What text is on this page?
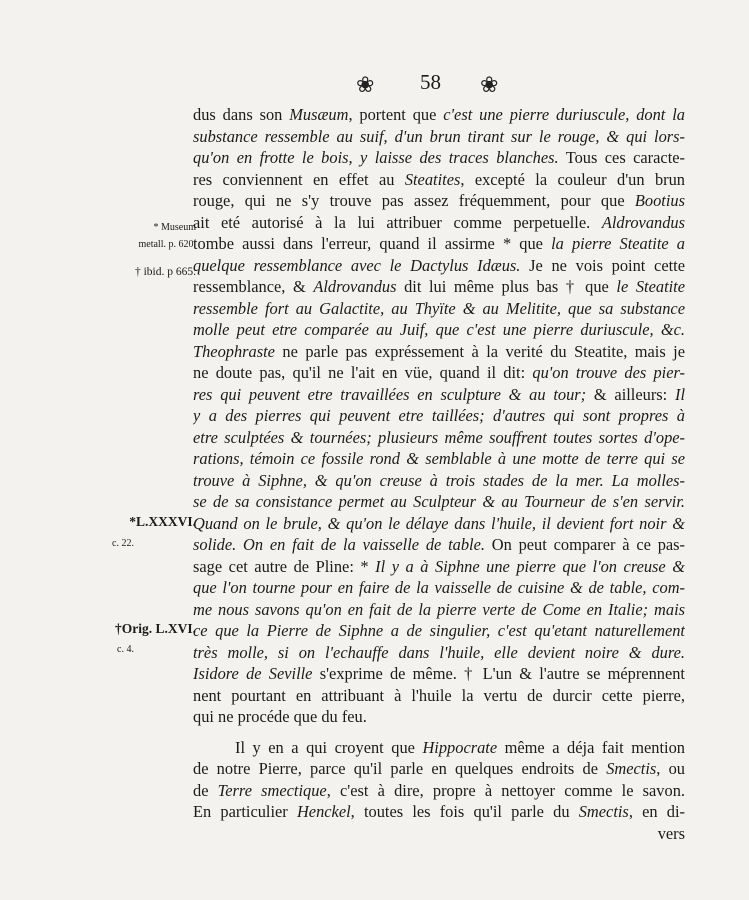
❀ 58 ❀
* Museum
metall. p. 620.
† ibid. p 665.
*L.XXXVI.
c. 22.
†Orig. L.XVI.
c. 4.
dus dans son Musæum, portent que c'est une pierre duriuscule, dont la
substance ressemble au suif, d'un brun tirant sur le rouge, & qui lors-
qu'on en frotte le bois, y laisse des traces blanches. Tous ces caracte-
res conviennent en effet au Steatites, excepté la couleur d'un brun
rouge, qui ne s'y trouve pas assez fréquemment, pour que Bootius
ait eté autorisé à la lui attribuer comme perpetuelle. Aldrovandus
tombe aussi dans l'erreur, quand il assirme * que la pierre Steatite a
quelque ressemblance avec le Dactylus Idæus. Je ne vois point cette
ressemblance, & Aldrovandus dit lui même plus bas † que le Steatite
ressemble fort au Galactite, au Thyïte & au Melitite, que sa substance
molle peut etre comparée au Juif, que c'est une pierre duriuscule, &c.
Theophraste ne parle pas expréssement à la verité du Steatite, mais je
ne doute pas, qu'il ne l'ait en vüe, quand il dit: qu'on trouve des pier-
res qui peuvent etre travaillées en sculpture & au tour; & ailleurs: Il
y a des pierres qui peuvent etre taillées; d'autres qui sont propres à
etre sculptées & tournées; plusieurs même souffrent toutes sortes d'ope-
rations, témoin ce fossile rond & semblable à une motte de terre qui se
trouve à Siphne, & qu'on creuse à trois stades de la mer. La molles-
se de sa consistance permet au Sculpteur & au Tourneur de s'en servir.
Quand on le brule, & qu'on le délaye dans l'huile, il devient fort noir &
solide. On en fait de la vaisselle de table. On peut comparer à ce pas-
sage cet autre de Pline: * Il y a à Siphne une pierre que l'on creuse &
que l'on tourne pour en faire de la vaisselle de cuisine & de table, com-
me nous savons qu'on en fait de la pierre verte de Come en Italie; mais
ce que la Pierre de Siphne a de singulier, c'est qu'etant naturellement
très molle, si on l'echauffe dans l'huile, elle devient noire & dure.
Isidore de Seville s'exprime de même. † L'un & l'autre se méprennent
nent pourtant en attribuant à l'huile la vertu de durcir cette pierre,
qui ne procéde que du feu.
Il y en a qui croyent que Hippocrate même a déja fait mention
de notre Pierre, parce qu'il parle en quelques endroits de Smectis, ou
de Terre smectique, c'est à dire, propre à nettoyer comme le savon.
En particulier Henckel, toutes les fois qu'il parle du Smectis, en di-
vers
